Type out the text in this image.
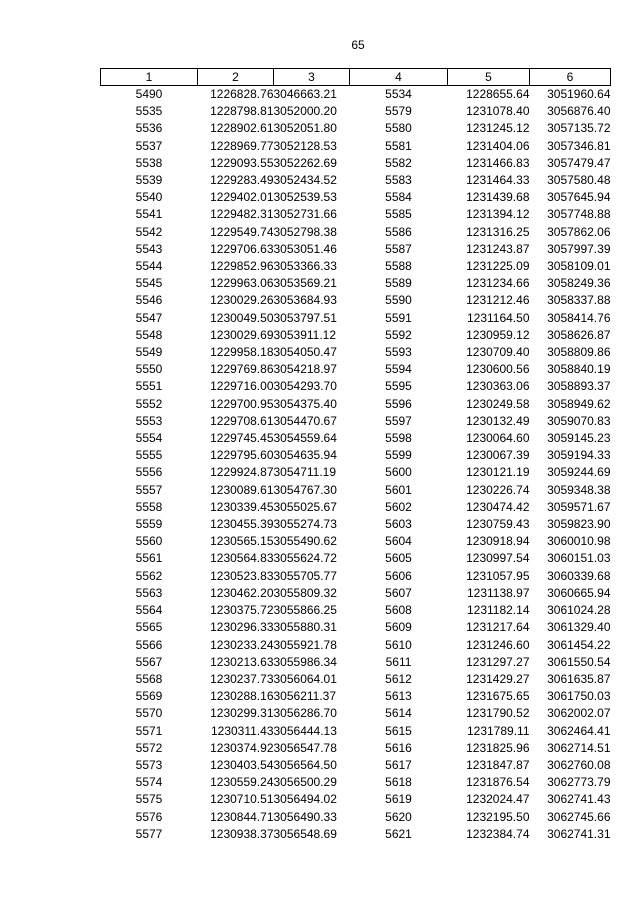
65
1	2	3	4	5	6
5490	1226828.76	3046663.21	5534	1228655.64	3051960.64
5535	1228798.81	3052000.20	5579	1231078.40	3056876.40
5536	1228902.61	3052051.80	5580	1231245.12	3057135.72
5537	1228969.77	3052128.53	5581	1231404.06	3057346.81
5538	1229093.55	3052262.69	5582	1231466.83	3057479.47
5539	1229283.49	3052434.52	5583	1231464.33	3057580.48
5540	1229402.01	3052539.53	5584	1231439.68	3057645.94
5541	1229482.31	3052731.66	5585	1231394.12	3057748.88
5542	1229549.74	3052798.38	5586	1231316.25	3057862.06
5543	1229706.63	3053051.46	5587	1231243.87	3057997.39
5544	1229852.96	3053366.33	5588	1231225.09	3058109.01
5545	1229963.06	3053569.21	5589	1231234.66	3058249.36
5546	1230029.26	3053684.93	5590	1231212.46	3058337.88
5547	1230049.50	3053797.51	5591	1231164.50	3058414.76
5548	1230029.69	3053911.12	5592	1230959.12	3058626.87
5549	1229958.18	3054050.47	5593	1230709.40	3058809.86
5550	1229769.86	3054218.97	5594	1230600.56	3058840.19
5551	1229716.00	3054293.70	5595	1230363.06	3058893.37
5552	1229700.95	3054375.40	5596	1230249.58	3058949.62
5553	1229708.61	3054470.67	5597	1230132.49	3059070.83
5554	1229745.45	3054559.64	5598	1230064.60	3059145.23
5555	1229795.60	3054635.94	5599	1230067.39	3059194.33
5556	1229924.87	3054711.19	5600	1230121.19	3059244.69
5557	1230089.61	3054767.30	5601	1230226.74	3059348.38
5558	1230339.45	3055025.67	5602	1230474.42	3059571.67
5559	1230455.39	3055274.73	5603	1230759.43	3059823.90
5560	1230565.15	3055490.62	5604	1230918.94	3060010.98
5561	1230564.83	3055624.72	5605	1230997.54	3060151.03
5562	1230523.83	3055705.77	5606	1231057.95	3060339.68
5563	1230462.20	3055809.32	5607	1231138.97	3060665.94
5564	1230375.72	3055866.25	5608	1231182.14	3061024.28
5565	1230296.33	3055880.31	5609	1231217.64	3061329.40
5566	1230233.24	3055921.78	5610	1231246.60	3061454.22
5567	1230213.63	3055986.34	5611	1231297.27	3061550.54
5568	1230237.73	3056064.01	5612	1231429.27	3061635.87
5569	1230288.16	3056211.37	5613	1231675.65	3061750.03
5570	1230299.31	3056286.70	5614	1231790.52	3062002.07
5571	1230311.43	3056444.13	5615	1231789.11	3062464.41
5572	1230374.92	3056547.78	5616	1231825.96	3062714.51
5573	1230403.54	3056564.50	5617	1231847.87	3062760.08
5574	1230559.24	3056500.29	5618	1231876.54	3062773.79
5575	1230710.51	3056494.02	5619	1232024.47	3062741.43
5576	1230844.71	3056490.33	5620	1232195.50	3062745.66
5577	1230938.37	3056548.69	5621	1232384.74	3062741.31
